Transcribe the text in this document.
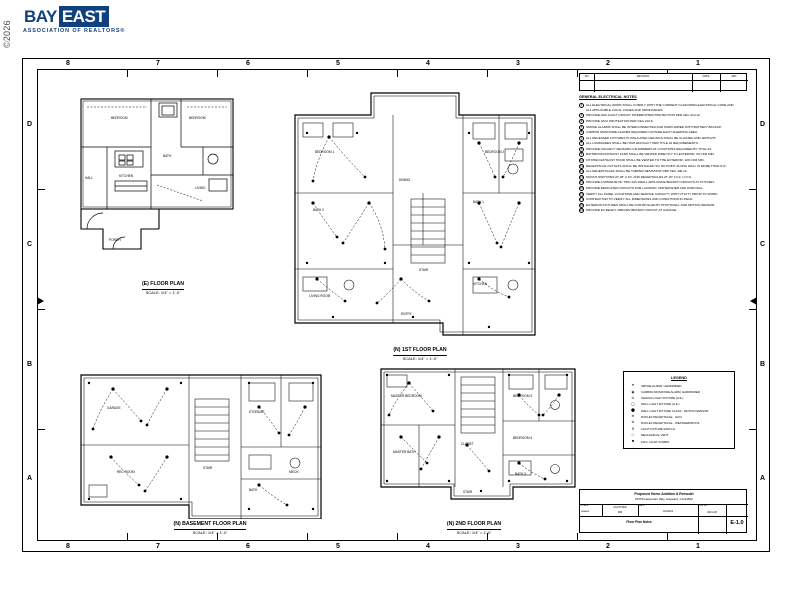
©2026
BAY EAST
ASSOCIATION OF REALTORS®
8	7	6	5	4	3	2	1
8	7	6	5	4	3	2	1
D
C
B
A
D
C
B
A
BEDROOM	BEDROOM
BATH
KITCHEN
LIVING
HALL
PORCH
(E) FLOOR PLAN
SCALE: 1/4" = 1'-0"
BEDROOM 1	BEDROOM 2
BATH 1
BATH 2
KITCHEN
DINING
LIVING ROOM
STAIR
ENTRY
(N) 1ST FLOOR PLAN
SCALE: 1/4" = 1'-0"
GARAGE
STORAGE
MECH.
STAIR
REC ROOM
BATH
(N) BASEMENT FLOOR PLAN
SCALE: 1/4" = 1'-0"
MASTER BEDROOM	BEDROOM 3
BEDROOM 4
BATH 3
MASTER BATH
CLOSET
STAIR
(N) 2ND FLOOR PLAN
SCALE: 1/4" = 1'-0"
GENERAL ELECTRICAL NOTES
1	ALL ELECTRICAL WORK SHALL COMPLY WITH THE CURRENT CALIFORNIA ELECTRICAL CODE AND ALL APPLICABLE LOCAL CODES AND ORDINANCES.
2	PROVIDE ARC-FAULT CIRCUIT INTERRUPTER PROTECTION PER CEC 210.12.
3	PROVIDE GFCI PROTECTION PER CEC 210.8.
4	SMOKE ALARMS SHALL BE INTERCONNECTED AND HARD-WIRED WITH BATTERY BACKUP.
5	CARBON MONOXIDE ALARMS REQUIRED OUTSIDE EACH SLEEPING AREA.
6	ALL RECESSED FIXTURES IN INSULATED CEILINGS SHALL BE IC-RATED AND AIRTIGHT.
7	ALL LUMINAIRES SHALL BE HIGH EFFICACY PER TITLE 24 REQUIREMENTS.
8	PROVIDE VACANCY SENSORS OR DIMMERS AT LOCATIONS REQUIRED BY TITLE 24.
9	BATHROOM EXHAUST FANS SHALL BE VENTED DIRECTLY TO EXTERIOR, 50 CFM MIN.
10 KITCHEN EXHAUST HOOD SHALL BE VENTED TO THE EXTERIOR, 100 CFM MIN.
11	RECEPTACLE OUTLETS SHALL BE INSTALLED SO NO POINT ALONG WALL IS MORE THAN 6'-0".
12 ALL RECEPTACLES SHALL BE TAMPER RESISTANT PER CEC 406.12.
13 MOUNT SWITCHES AT 48" A.F.F. AND RECEPTACLES AT 15" A.F.F. U.O.N.
14 PROVIDE A MINIMUM OF TWO 20A SMALL APPLIANCE BRANCH CIRCUITS AT KITCHEN.
15 PROVIDE DEDICATED CIRCUITS FOR LAUNDRY, DISHWASHER AND DISPOSAL.
16 VERIFY ALL PANEL LOCATIONS AND SERVICE CAPACITY WITH UTILITY PRIOR TO WORK.
17 CONTRACTOR TO VERIFY ALL DIMENSIONS AND CONDITIONS IN FIELD.
18 EXTERIOR FIXTURES SHALL BE CONTROLLED BY PHOTOCELL AND MOTION SENSOR.
19 PROVIDE EV-READY 208/240V BRANCH CIRCUIT AT GARAGE.
LEGEND
●	SMOKE ALARM, HARDWIRED
◉	CARBON MONOXIDE ALARM, HARDWIRED
⊙	CEILING LIGHT FIXTURE (H.E.)
◯	WALL LIGHT FIXTURE (H.E.)
⬤	WALL LIGHT FIXTURE CLASS - MOTION SENSOR
⊖	DUPLEX RECEPTACLE - GFCI
⊜	DUPLEX RECEPTACLE - WEATHERPROOF
S	LIGHT FIXTURE SWITCH
□	MECHANICAL VENT
■	FAN / LIGHT COMBO
NO.	REVISION	DATE	APP.
Proposed Home Addition & Remodel
26750 Hesperian Way, Hayward, CA 94542
SCALE	AS NOTED	DATE
01/14/22
DRAWN	RM
JOB NO.
2021-18
Floor Plan Notes	E-1.0
